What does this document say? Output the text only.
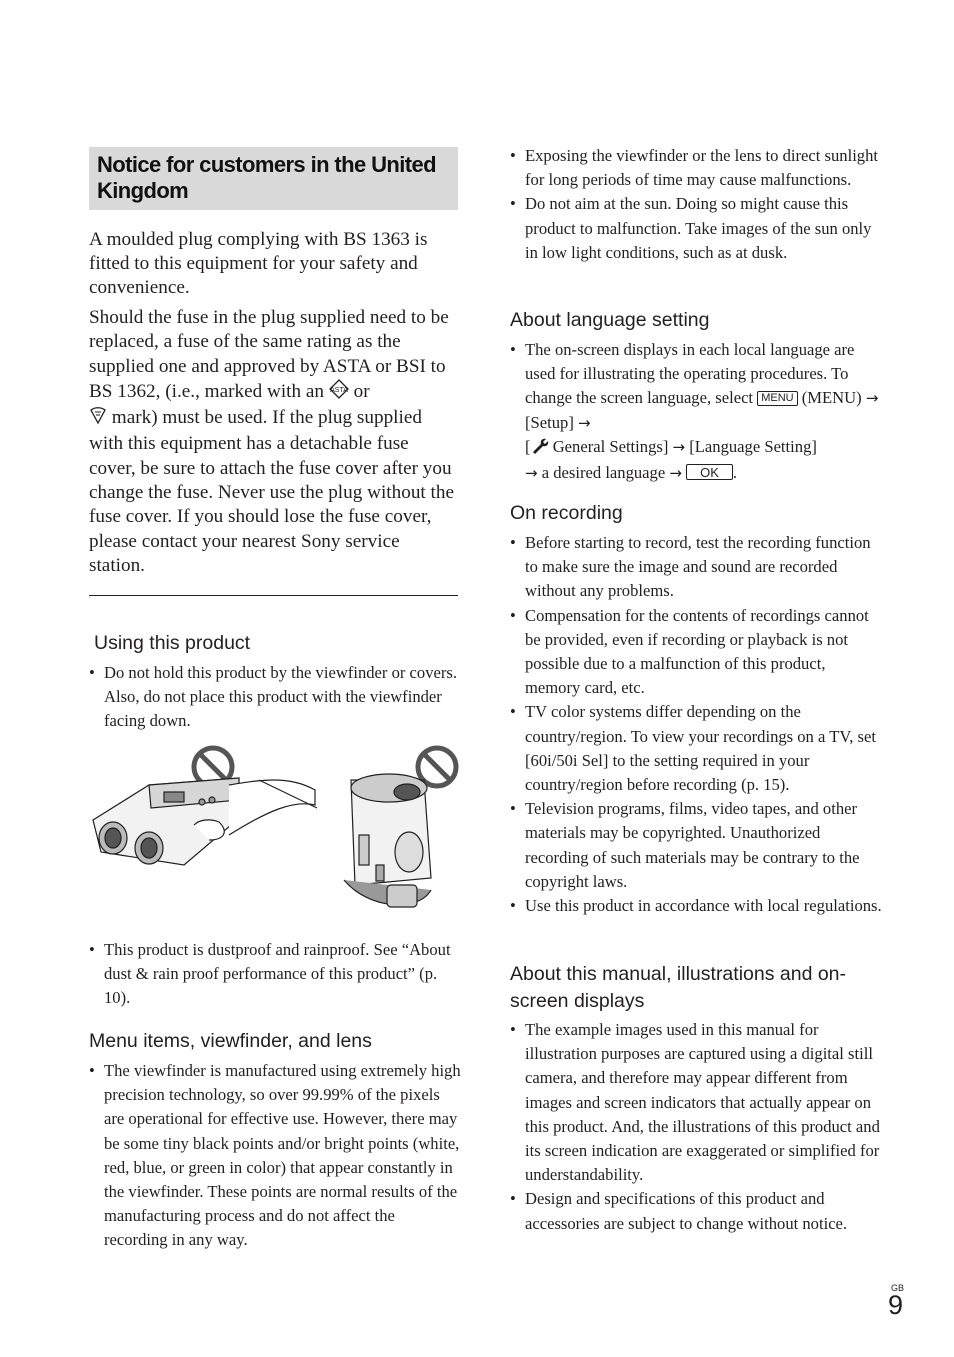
Notice for customers in the United Kingdom

A moulded plug complying with BS 1363 is fitted to this equipment for your safety and convenience.

Should the fuse in the plug supplied need to be replaced, a fuse of the same rating as the supplied one and approved by ASTA or BSI to BS 1362, (i.e., marked with an ASTA or
mark) must be used. If the plug supplied with this equipment has a detachable fuse cover, be sure to attach the fuse cover after you change the fuse. Never use the plug without the fuse cover. If you should lose the fuse cover, please contact your nearest Sony service station.

Using this product
• Do not hold this product by the viewfinder or covers. Also, do not place this product with the viewfinder facing down.
• This product is dustproof and rainproof. See “About dust & rain proof performance of this product” (p. 10).
Menu items, viewfinder, and lens
• The viewfinder is manufactured using extremely high precision technology, so over 99.99% of the pixels are operational for effective use. However, there may be some tiny black points and/or bright points (white, red, blue, or green in color) that appear constantly in the viewfinder. These points are normal results of the manufacturing process and do not affect the recording in any way.
• Exposing the viewfinder or the lens to direct sunlight for long periods of time may cause malfunctions.
• Do not aim at the sun. Doing so might cause this product to malfunction. Take images of the sun only in low light conditions, such as at dusk.
About language setting
• The on-screen displays in each local language are used for illustrating the operating procedures. To change the screen language, select MENU (MENU) → [Setup] →
[ General Settings] → [Language Setting]
→ a desired language → OK .
On recording
• Before starting to record, test the recording function to make sure the image and sound are recorded without any problems.
• Compensation for the contents of recordings cannot be provided, even if recording or playback is not possible due to a malfunction of this product, memory card, etc.
• TV color systems differ depending on the country/region. To view your recordings on a TV, set [60i/50i Sel] to the setting required in your country/region before recording (p. 15).
• Television programs, films, video tapes, and other materials may be copyrighted. Unauthorized recording of such materials may be contrary to the copyright laws.
• Use this product in accordance with local regulations.
About this manual, illustrations and on-screen displays
• The example images used in this manual for illustration purposes are captured using a digital still camera, and therefore may appear different from images and screen indicators that actually appear on this product. And, the illustrations of this product and its screen indication are exaggerated or simplified for understandability.
• Design and specifications of this product and accessories are subject to change without notice.
GB
9
